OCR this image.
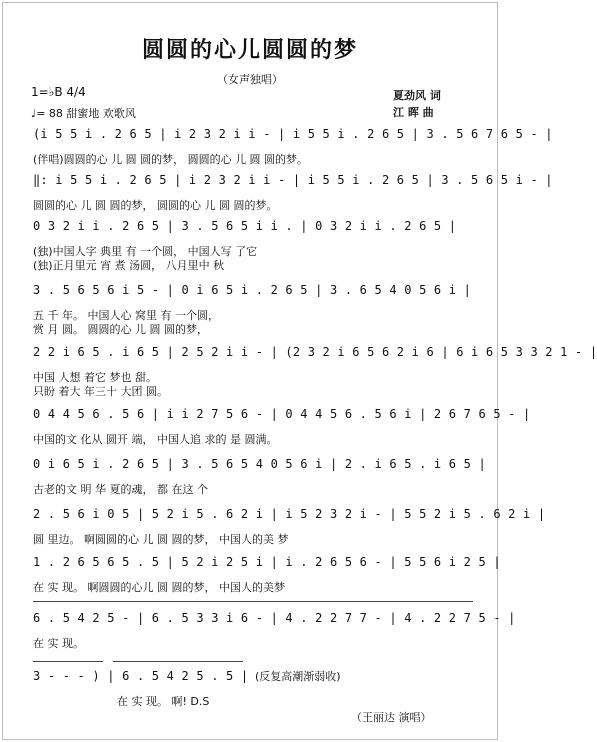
圆圆的心儿圆圆的梦
（女声独唱）
1=♭B 4/4
♩= 88 甜蜜地 欢歌风
夏劲风 词
江 晖 曲
(i 5 5 i . 2 6 5 | i 2 3 2 i i - | i 5 5 i . 2 6 5 | 3 . 5 6 7 6 5 - |
(伴唱)圆圆的心 儿 圆 圆的梦， 圆圆的心 儿 圆 圆的梦。
‖: i 5 5 i . 2 6 5 | i 2 3 2 i i - | i 5 5 i . 2 6 5 | 3 . 5 6 5 i - |
圆圆的心 儿 圆 圆的梦， 圆圆的心 儿 圆 圆的梦。
0 3 2 i i . 2 6 5 | 3 . 5 6 5 i i . | 0 3 2 i i . 2 6 5 |
(独)中国人字 典里 有 一个圆， 中国人写 了它
(独)正月里元 宵 煮 汤圆， 八月里中 秋
3 . 5 6 5 6 i 5 - | 0 i 6 5 i . 2 6 5 | 3 . 6 5 4 0 5 6 i |
五 千 年。 中国人心 窝里 有 一个圆，
赏 月 圆。 圆圆的心 儿 圆 圆的梦，
2 2 i 6 5 . i 6 5 | 2 5 2 i i - | (2 3 2 i 6 5 6 2 i 6 | 6 i 6 5 3 3 2 1 - |
中国 人想 着它 梦也 甜。
只盼 着大 年三十 大团 圆。
0 4 4 5 6 . 5 6 | i i 2 7 5 6 - | 0 4 4 5 6 . 5 6 i | 2 6 7 6 5 - |
中国的文 化从 圆开 端， 中国人追 求的 是 圆满。
0 i 6 5 i . 2 6 5 | 3 . 5 6 5 4 0 5 6 i | 2 . i 6 5 . i 6 5 |
古老的文 明 华 夏的魂， 都 在这 个
2 . 5 6 i 0 5 | 5 2 i 5 . 6 2 i | i 5 2 3 2 i - | 5 5 2 i 5 . 6 2 i |
圆 里边。 啊圆圆的心 儿 圆 圆的梦， 中国人的美 梦
1 . 2 6 5 6 5 . 5 | 5 2 i 2 5 i | i . 2 6 5 6 - | 5 5 6 i 2 5 |
在 实 现。 啊圆圆的心儿 圆 圆的梦， 中国人的美梦
6 . 5 4 2 5 - | 6 . 5 3 3 i 6 - | 4 . 2 2 7 7 - | 4 . 2 2 7 5 - |
在 实 现。
3 - - - ) | 6 . 5 4 2 5 . 5 |
在 实 现。 啊! D.S
(反复高潮渐弱收)
（王丽达 演唱）
